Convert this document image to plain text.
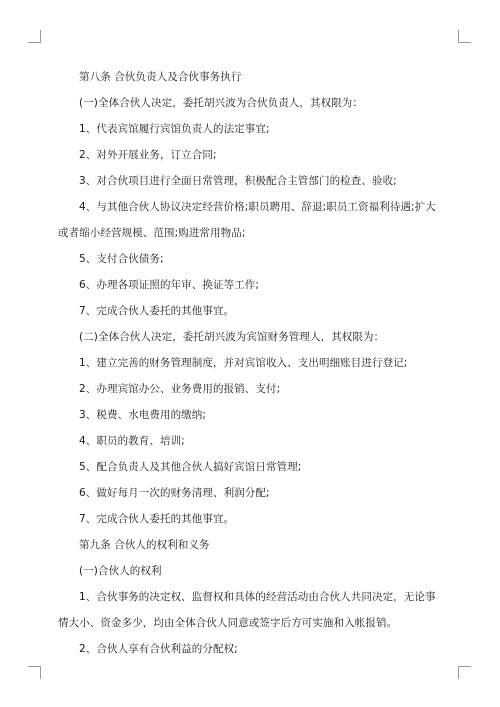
第八条 合伙负责人及合伙事务执行

(一)全体合伙人决定，委托胡兴波为合伙负责人，其权限为：

1、代表宾馆履行宾馆负责人的法定事宜;

2、对外开展业务，订立合同;

3、对合伙项目进行全面日常管理，积极配合主管部门的检查、验收;

4、与其他合伙人协议决定经营价格;职员聘用、辞退;职员工资福利待遇;扩大或者缩小经营规模、范围;购进常用物品;

5、支付合伙债务;

6、办理各项证照的年审、换证等工作;

7、完成合伙人委托的其他事宜。

(二)全体合伙人决定，委托胡兴波为宾馆财务管理人，其权限为：

1、建立完善的财务管理制度，并对宾馆收入、支出明细账目进行登记;

2、办理宾馆办公、业务费用的报销、支付;

3、税费、水电费用的缴纳;

4、职员的教育、培训;

5、配合负责人及其他合伙人搞好宾馆日常管理;

6、做好每月一次的财务清理、利润分配;

7、完成合伙人委托的其他事宜。

第九条 合伙人的权利和义务

(一)合伙人的权利

1、合伙事务的决定权、监督权和具体的经营活动由合伙人共同决定，无论事情大小、资金多少，均由全体合伙人同意或签字后方可实施和入帐报销。

2、合伙人享有合伙利益的分配权;
